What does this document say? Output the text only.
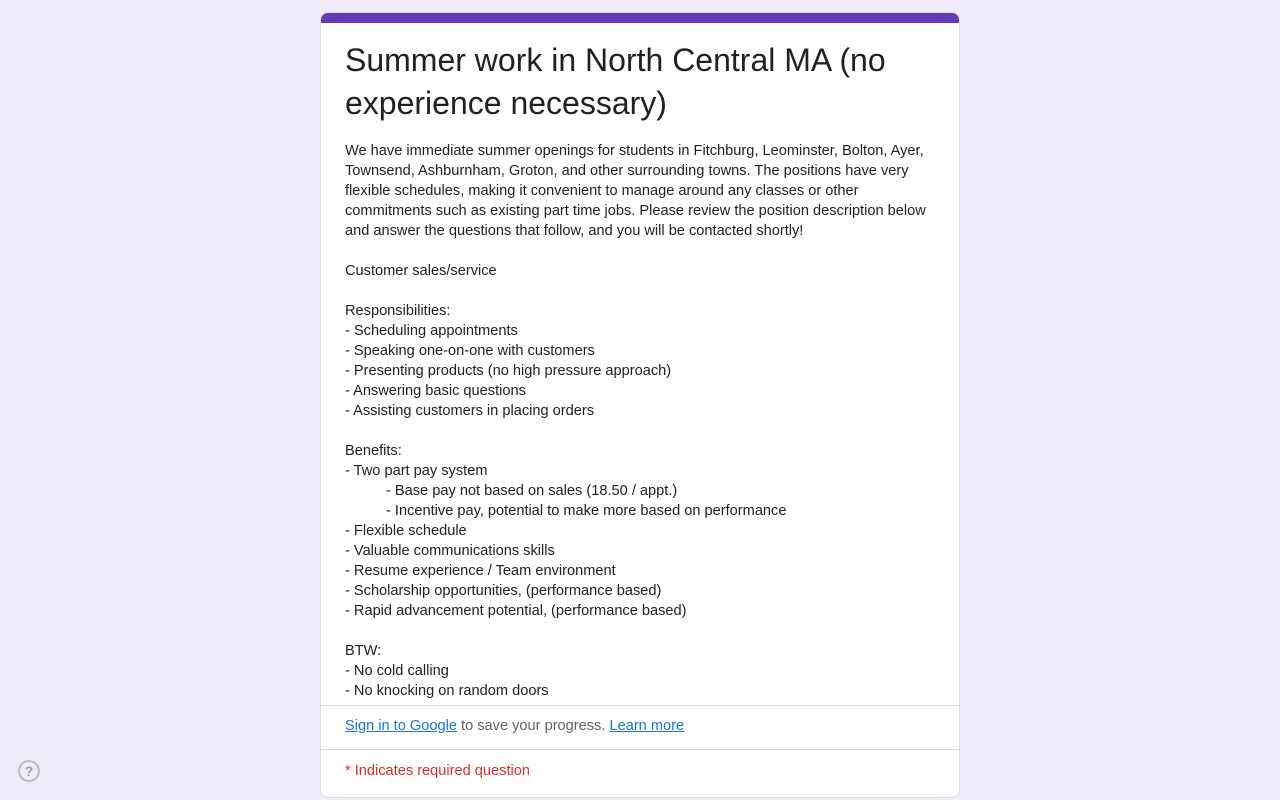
Summer work in North Central MA (no experience necessary)

We have immediate summer openings for students in Fitchburg, Leominster, Bolton, Ayer, Townsend, Ashburnham, Groton, and other surrounding towns. The positions have very flexible schedules, making it convenient to manage around any classes or other commitments such as existing part time jobs. Please review the position description below and answer the questions that follow, and you will be contacted shortly!

Customer sales/service

Responsibilities:

- Scheduling appointments

- Speaking one-on-one with customers

- Presenting products (no high pressure approach)

- Answering basic questions

- Assisting customers in placing orders

Benefits:

- Two part pay system

- Base pay not based on sales (18.50 / appt.)

- Incentive pay, potential to make more based on performance

- Flexible schedule

- Valuable communications skills

- Resume experience / Team environment

- Scholarship opportunities, (performance based)

- Rapid advancement potential, (performance based)

BTW:

- No cold calling

- No knocking on random doors

Sign in to Google to save your progress. Learn more
* Indicates required question
?
